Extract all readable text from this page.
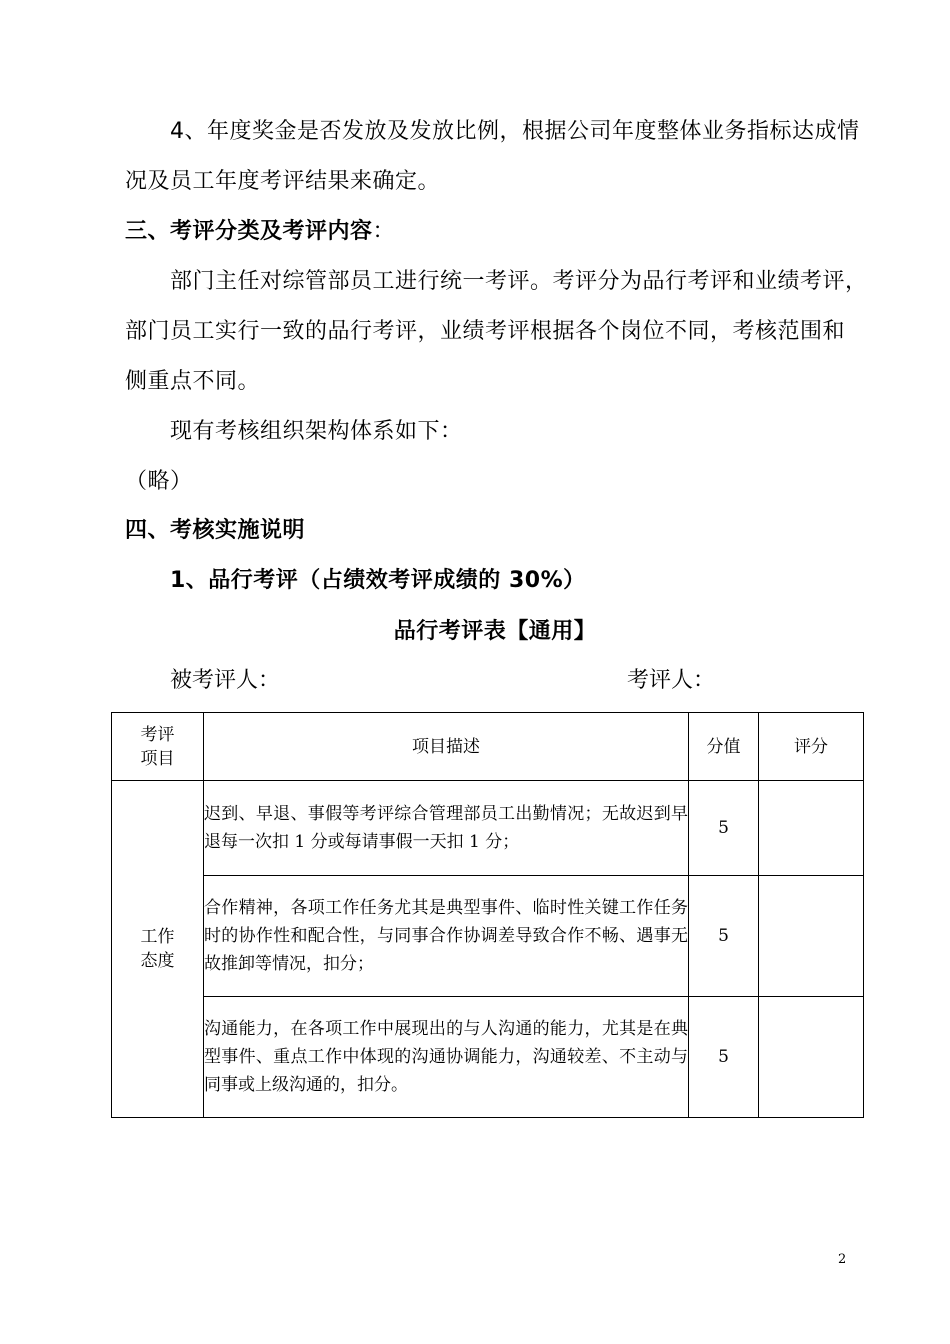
4、年度奖金是否发放及发放比例，根据公司年度整体业务指标达成情
况及员工年度考评结果来确定。
三、考评分类及考评内容：
部门主任对综管部员工进行统一考评。考评分为品行考评和业绩考评，
部门员工实行一致的品行考评，业绩考评根据各个岗位不同，考核范围和
侧重点不同。
现有考核组织架构体系如下：
（略）
四、考核实施说明
1、品行考评（占绩效考评成绩的 30%）
品行考评表【通用】
被考评人：	考评人：
考评
项目	项目描述	分值	评分
工作
态度	迟到、早退、事假等考评综合管理部员工出勤情况；无故迟到早退每一次扣 1 分或每请事假一天扣 1 分；	5	
	合作精神，各项工作任务尤其是典型事件、临时性关键工作任务时的协作性和配合性，与同事合作协调差导致合作不畅、遇事无故推卸等情况，扣分；	5	
	沟通能力，在各项工作中展现出的与人沟通的能力，尤其是在典型事件、重点工作中体现的沟通协调能力，沟通较差、不主动与同事或上级沟通的，扣分。	5	
2
